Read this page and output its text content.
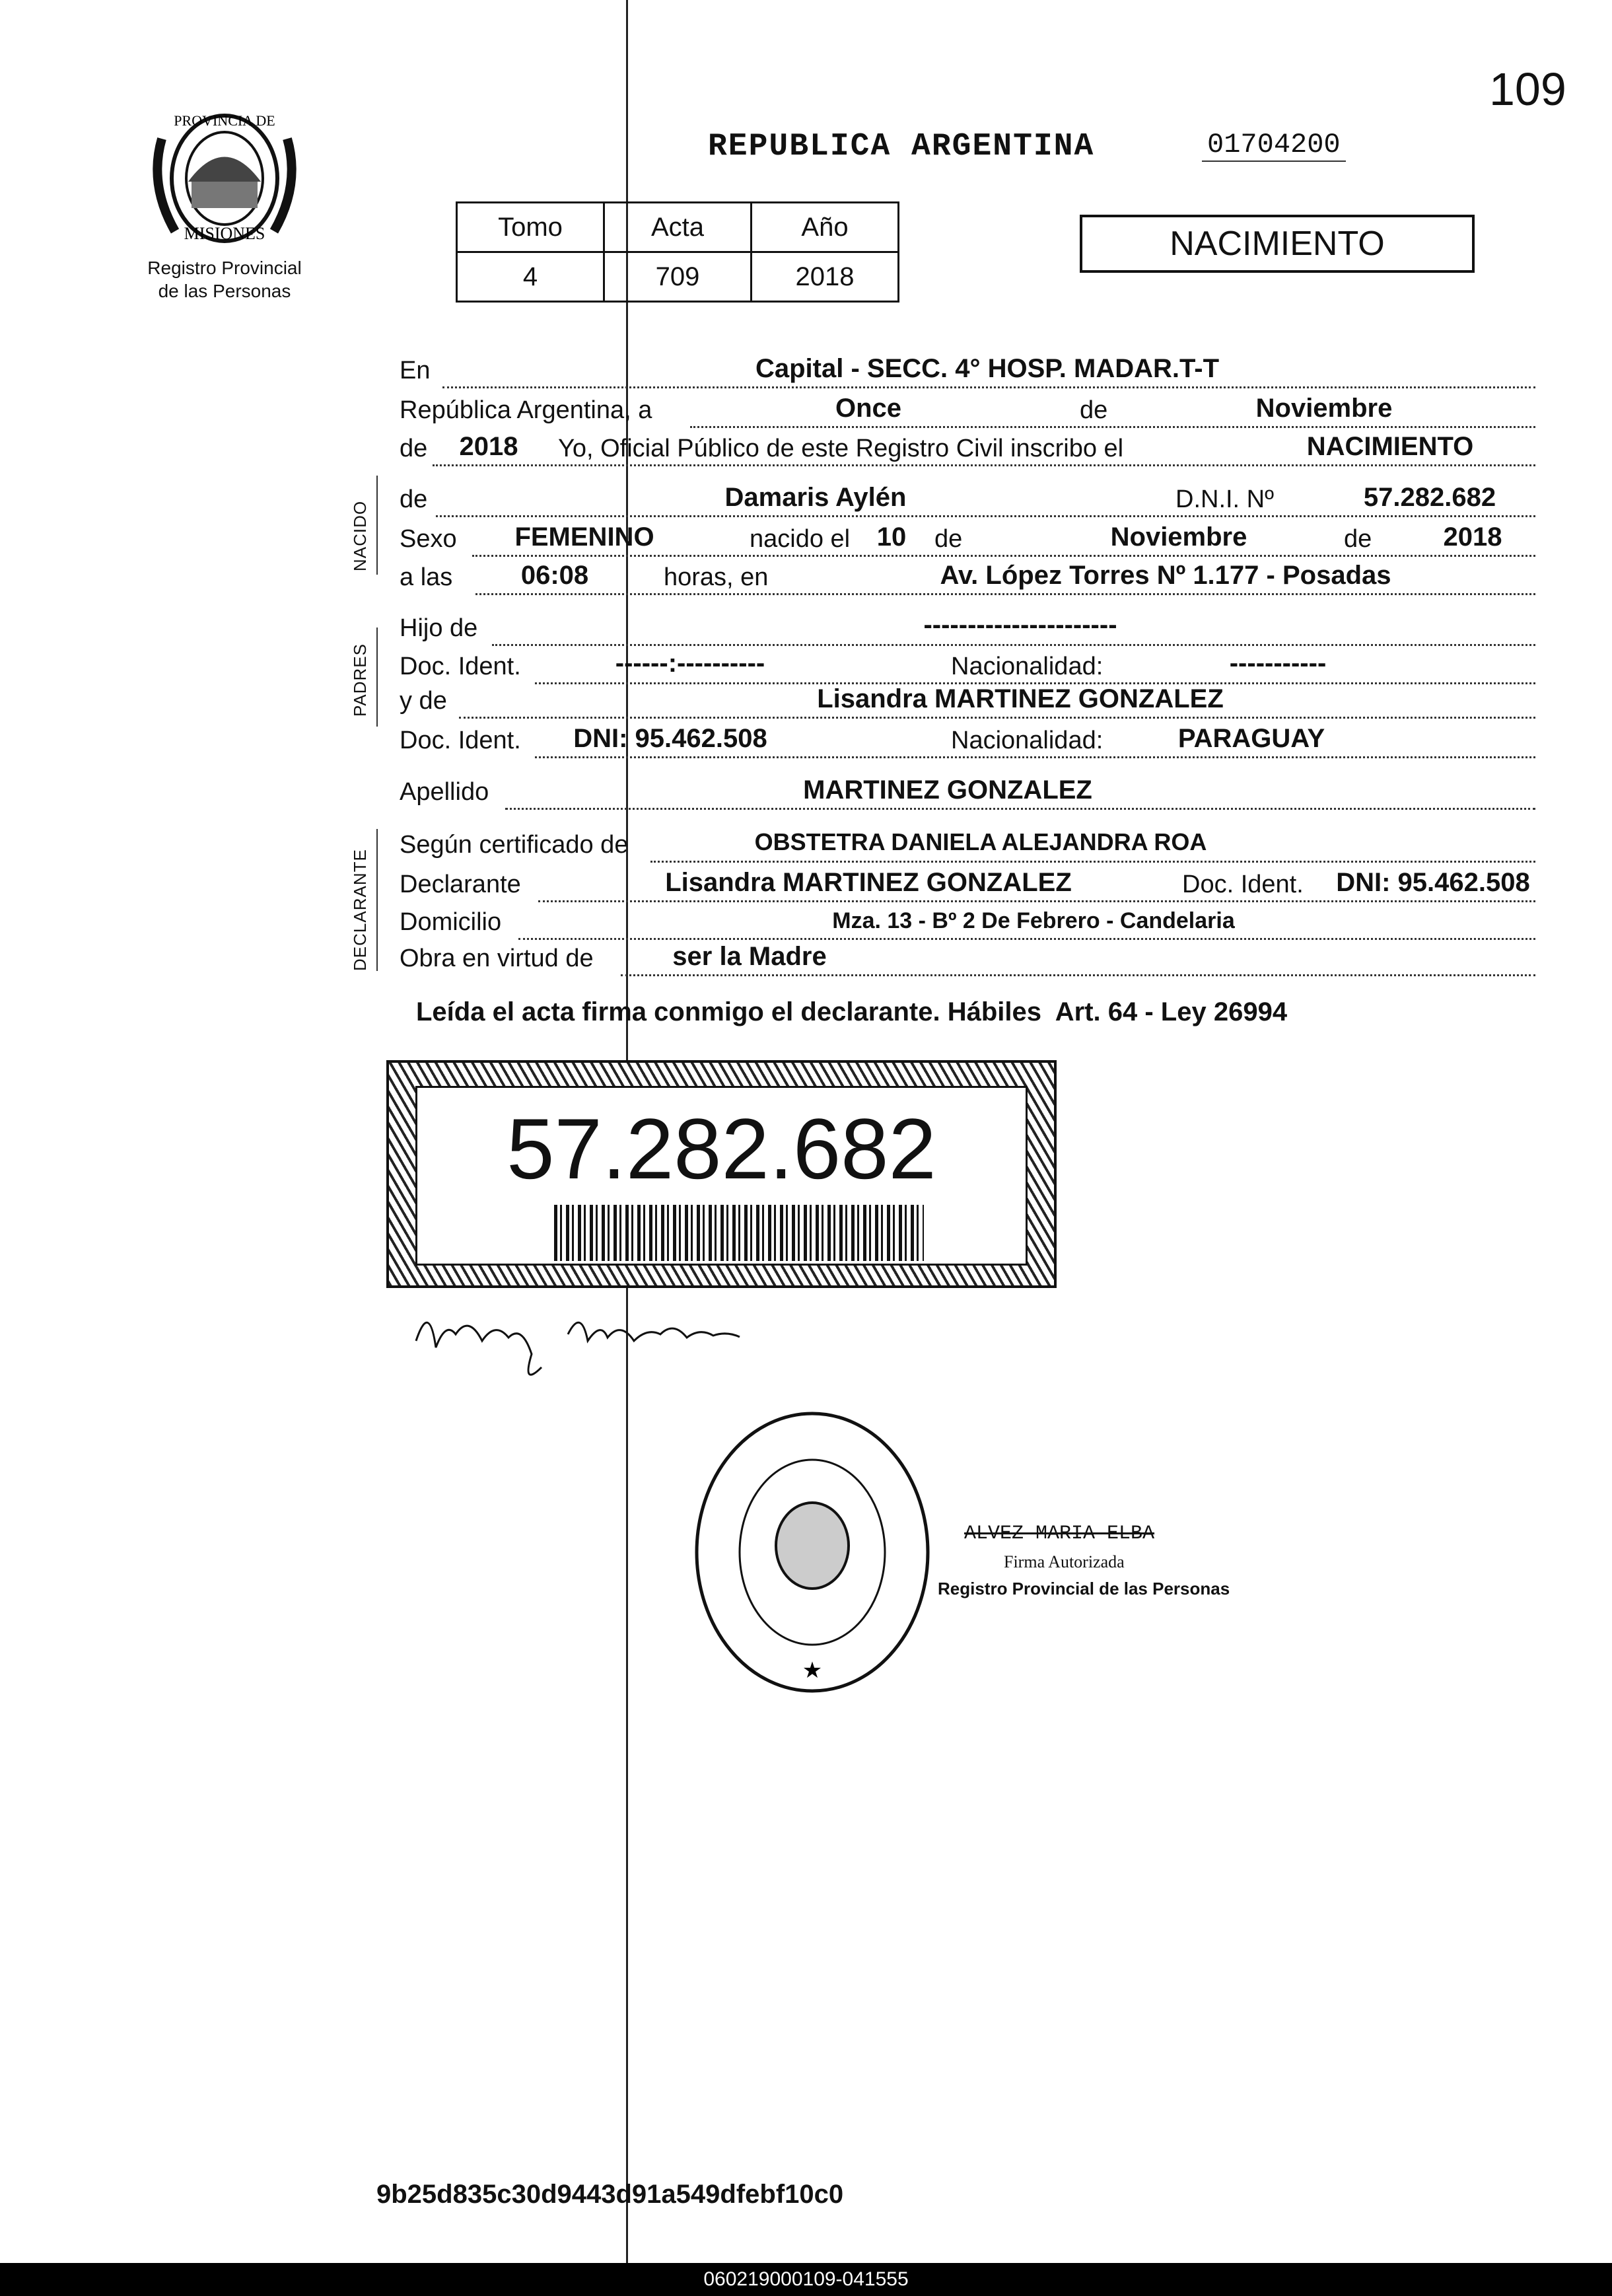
109
PROVINCIA DE
MISIONES
Registro Provincial
de las Personas
REPUBLICA ARGENTINA	01704200
Tomo	Acta	Año
4	709	2018
NACIMIENTO
NACIDO
PADRES
DECLARANTE
En	Capital - SECC. 4° HOSP. MADAR.T-T
República Argentina, a	Once	de	Noviembre
de	2018	Yo, Oficial Público de este Registro Civil inscribo el	NACIMIENTO
de	Damaris Aylén	D.N.I. Nº	57.282.682
Sexo	FEMENINO	nacido el	10	de	Noviembre	de	2018
a las	06:08	horas, en	Av. López Torres Nº 1.177 - Posadas
Hijo de	----------------------
Doc. Ident.	------:----------	Nacionalidad:	-----------
y de	Lisandra MARTINEZ GONZALEZ
Doc. Ident.	DNI: 95.462.508	Nacionalidad:	PARAGUAY
Apellido	MARTINEZ GONZALEZ
Según certificado de	OBSTETRA DANIELA ALEJANDRA ROA
Declarante	Lisandra MARTINEZ GONZALEZ	Doc. Ident.	DNI: 95.462.508
Domicilio	Mza. 13 - Bº 2 De Febrero - Candelaria
Obra en virtud de	ser la Madre
Leída el acta firma conmigo el declarante. Hábiles  Art. 64 - Ley 26994
57.282.682
★
ALVEZ MARIA ELBA
Firma Autorizada
Registro Provincial de las Personas
9b25d835c30d9443d91a549dfebf10c0
060219000109-041555
